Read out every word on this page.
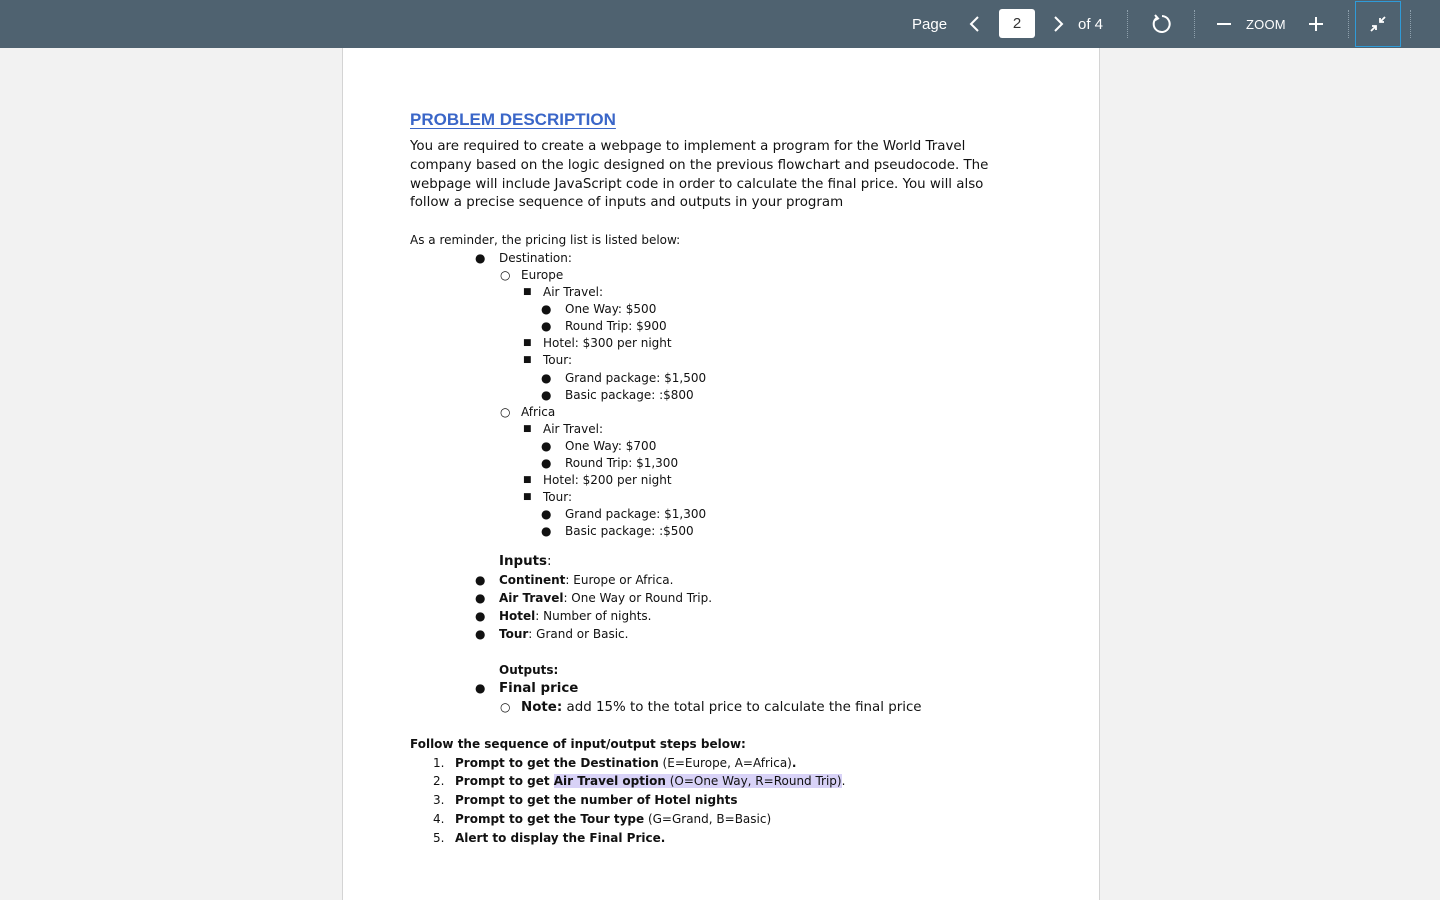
Page
2	of 4	ZOOM
PROBLEM DESCRIPTION
You are required to create a webpage to implement a program for the World Travel company based on the logic designed on the previous flowchart and pseudocode. The webpage will include JavaScript code in order to calculate the final price. You will also follow a precise sequence of inputs and outputs in your program
As a reminder, the pricing list is listed below:
● Destination:
○ Europe
■ Air Travel:
● One Way: $500
● Round Trip: $900
■ Hotel: $300 per night
■ Tour:
● Grand package: $1,500
● Basic package: :$800
○ Africa
■ Air Travel:
● One Way: $700
● Round Trip: $1,300
■ Hotel: $200 per night
■ Tour:
● Grand package: $1,300
● Basic package: :$500
Inputs:
● Continent: Europe or Africa.
● Air Travel: One Way or Round Trip.
● Hotel: Number of nights.
● Tour: Grand or Basic.
Outputs:
● Final price
○ Note: add 15% to the total price to calculate the final price
Follow the sequence of input/output steps below:
1. Prompt to get the Destination (E=Europe, A=Africa).
2. Prompt to get Air Travel option (O=One Way, R=Round Trip).
3. Prompt to get the number of Hotel nights
4. Prompt to get the Tour type (G=Grand, B=Basic)
5. Alert to display the Final Price.
